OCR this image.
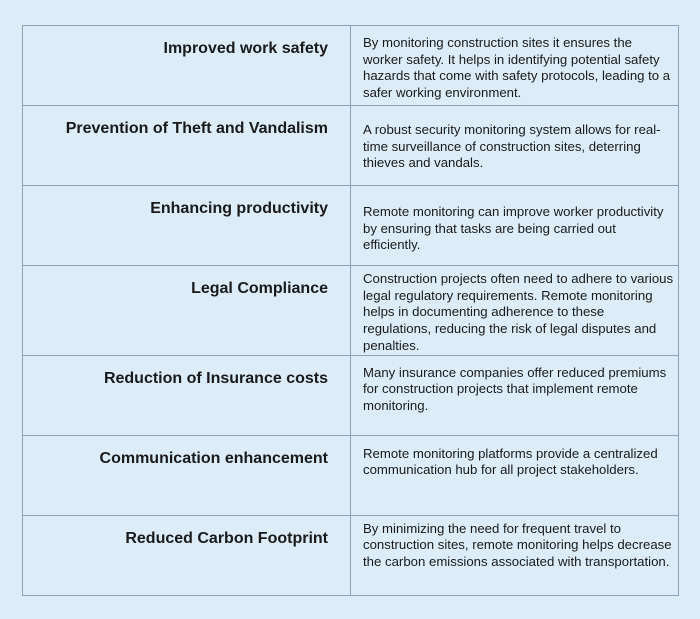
Improved work safety	By monitoring construction sites it ensures the worker safety. It helps in identifying potential safety hazards that come with safety protocols, leading to a safer working environment.
Prevention of Theft and Vandalism	A robust security monitoring system allows for real-time surveillance of construction sites, deterring thieves and vandals.
Enhancing productivity	Remote monitoring can improve worker productivity by ensuring that tasks are being carried out efficiently.
Legal Compliance	Construction projects often need to adhere to various legal regulatory requirements. Remote monitoring helps in documenting adherence to these regulations, reducing the risk of legal disputes and penalties.
Reduction of Insurance costs	Many insurance companies offer reduced premiums for construction projects that implement remote monitoring.
Communication enhancement	Remote monitoring platforms provide a centralized communication hub for all project stakeholders.
Reduced Carbon Footprint	By minimizing the need for frequent travel to construction sites, remote monitoring helps decrease the carbon emissions associated with transportation.
